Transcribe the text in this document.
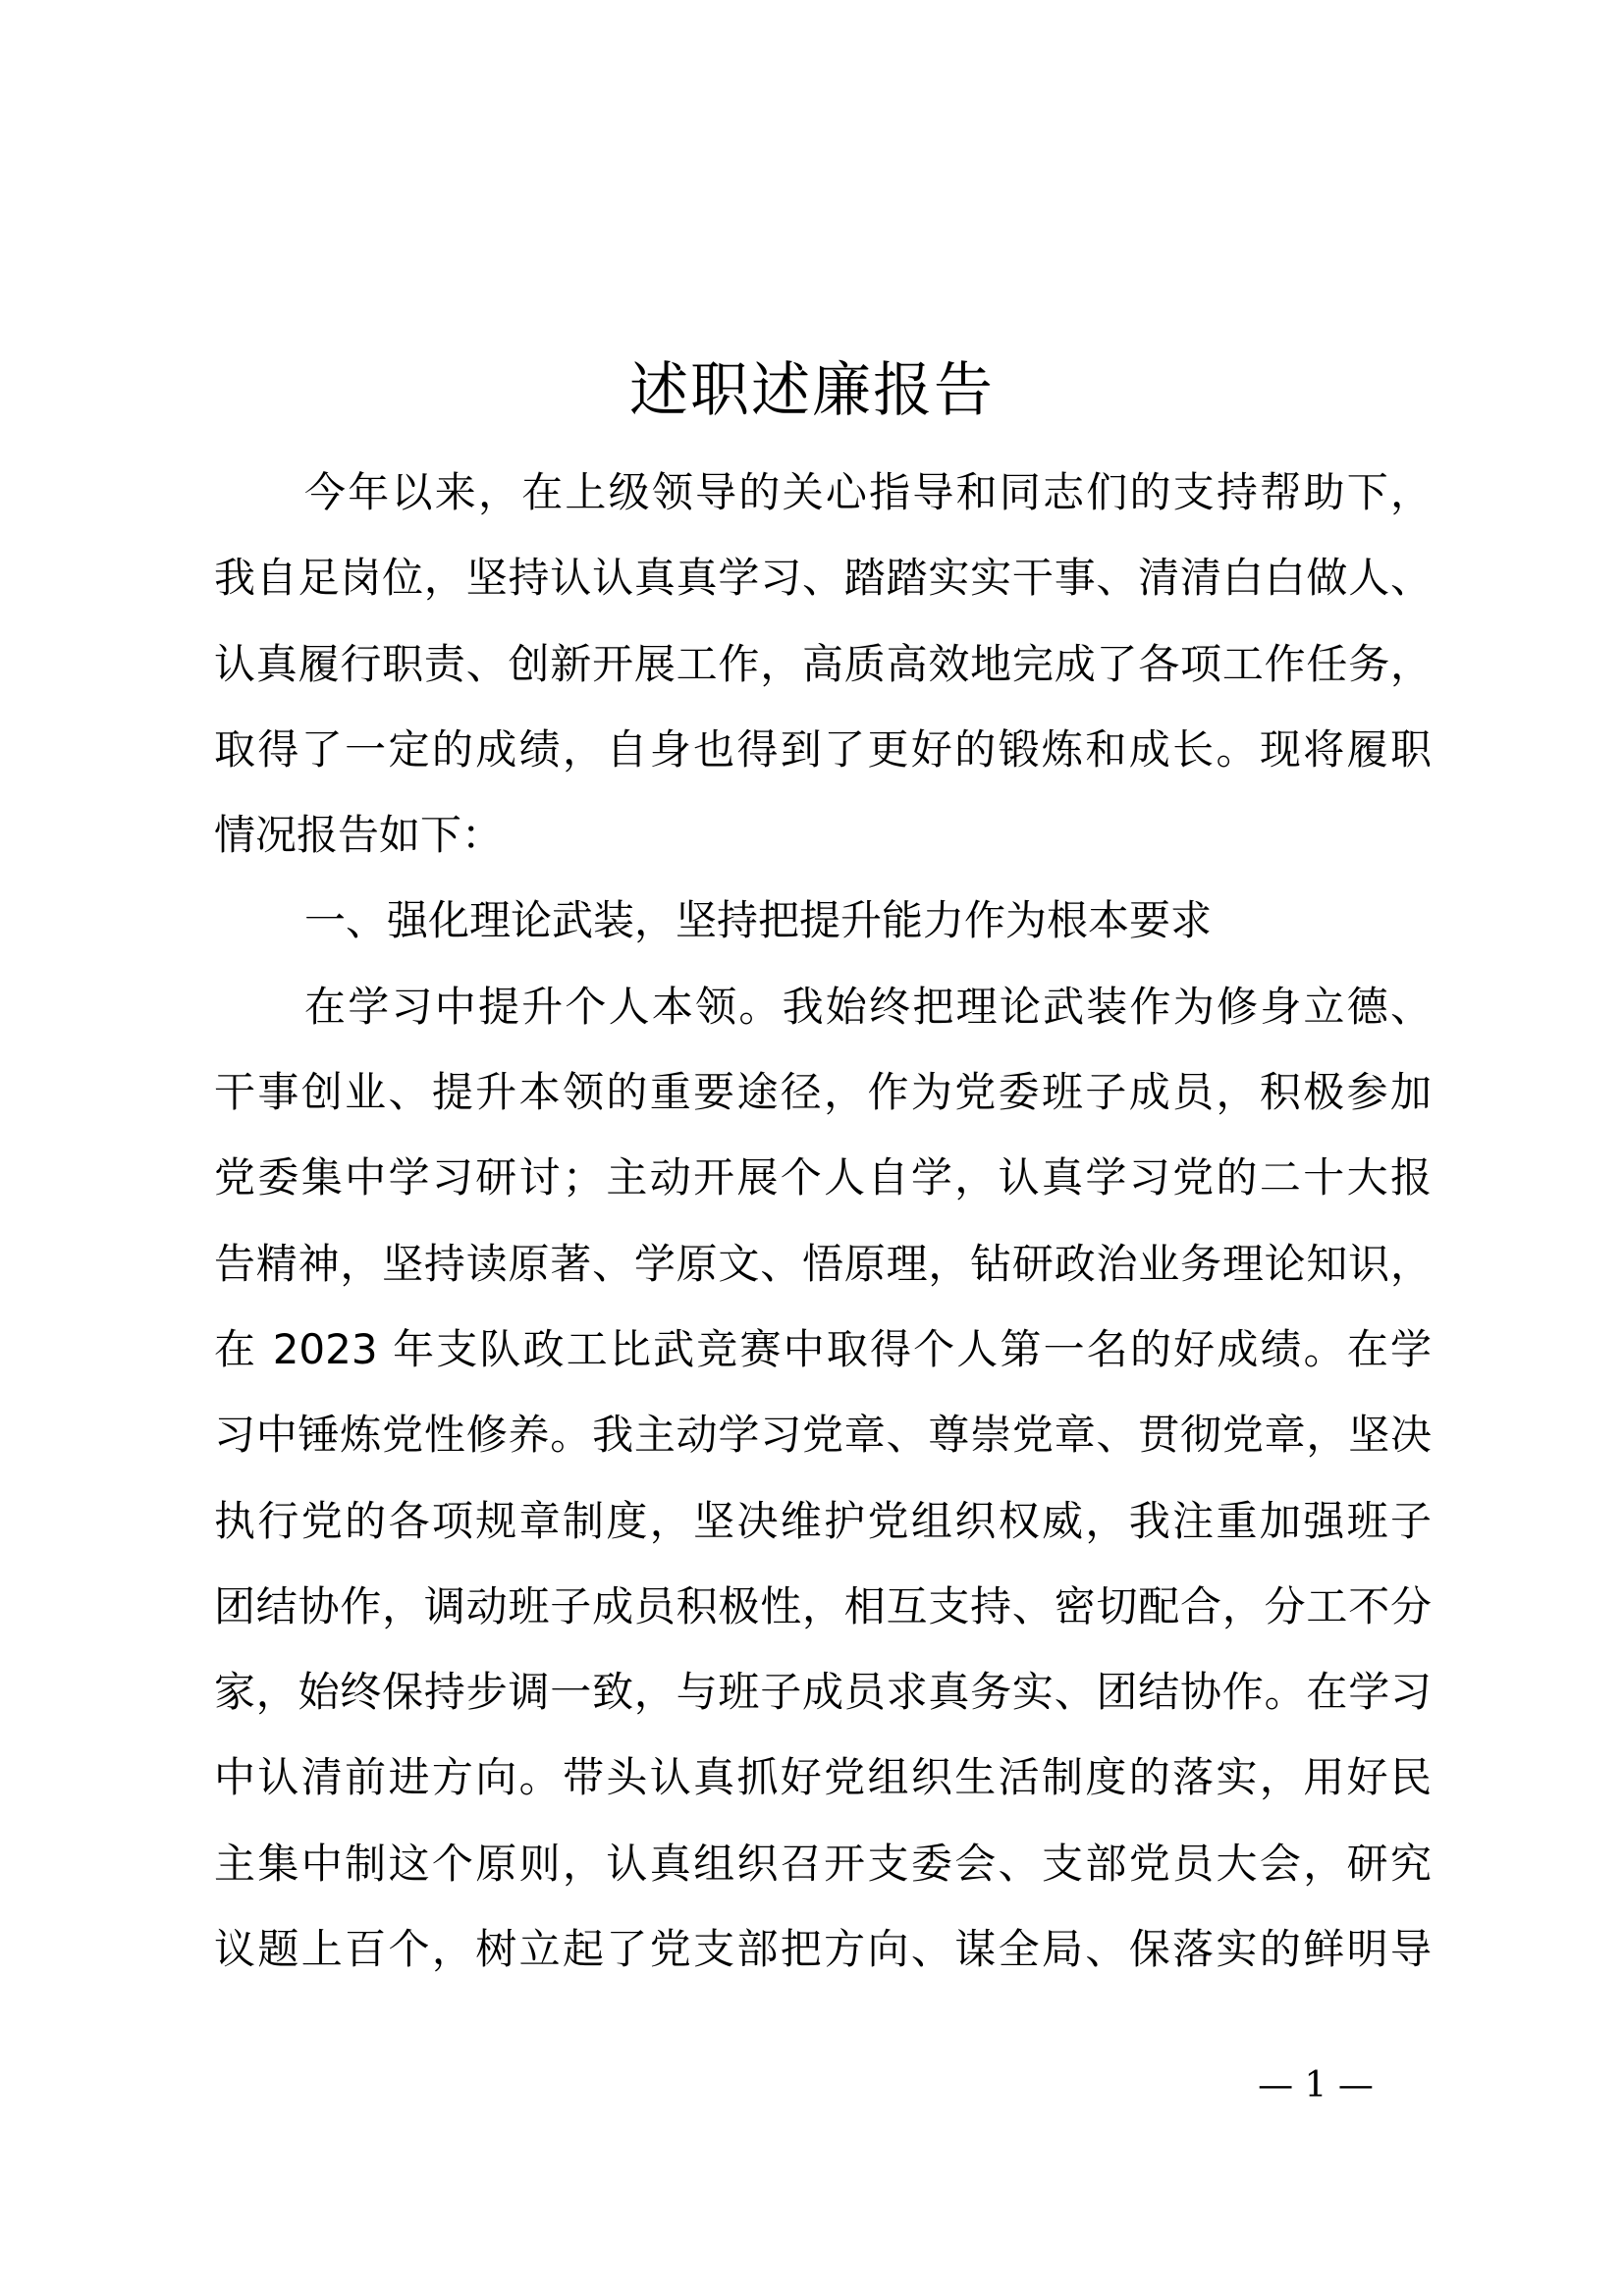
述职述廉报告
今年以来，在上级领导的关心指导和同志们的支持帮助下，
我自足岗位，坚持认认真真学习、踏踏实实干事、清清白白做人、
认真履行职责、创新开展工作，高质高效地完成了各项工作任务，
取得了一定的成绩，自身也得到了更好的锻炼和成长。现将履职
情况报告如下：
一、强化理论武装，坚持把提升能力作为根本要求
在学习中提升个人本领。我始终把理论武装作为修身立德、
干事创业、提升本领的重要途径，作为党委班子成员，积极参加
党委集中学习研讨；主动开展个人自学，认真学习党的二十大报
告精神，坚持读原著、学原文、悟原理，钻研政治业务理论知识，
在 2023 年支队政工比武竞赛中取得个人第一名的好成绩。在学
习中锤炼党性修养。我主动学习党章、尊崇党章、贯彻党章，坚决
执行党的各项规章制度，坚决维护党组织权威，我注重加强班子
团结协作，调动班子成员积极性，相互支持、密切配合，分工不分
家，始终保持步调一致，与班子成员求真务实、团结协作。在学习
中认清前进方向。带头认真抓好党组织生活制度的落实，用好民
主集中制这个原则，认真组织召开支委会、支部党员大会，研究
议题上百个，树立起了党支部把方向、谋全局、保落实的鲜明导
— 1 —
